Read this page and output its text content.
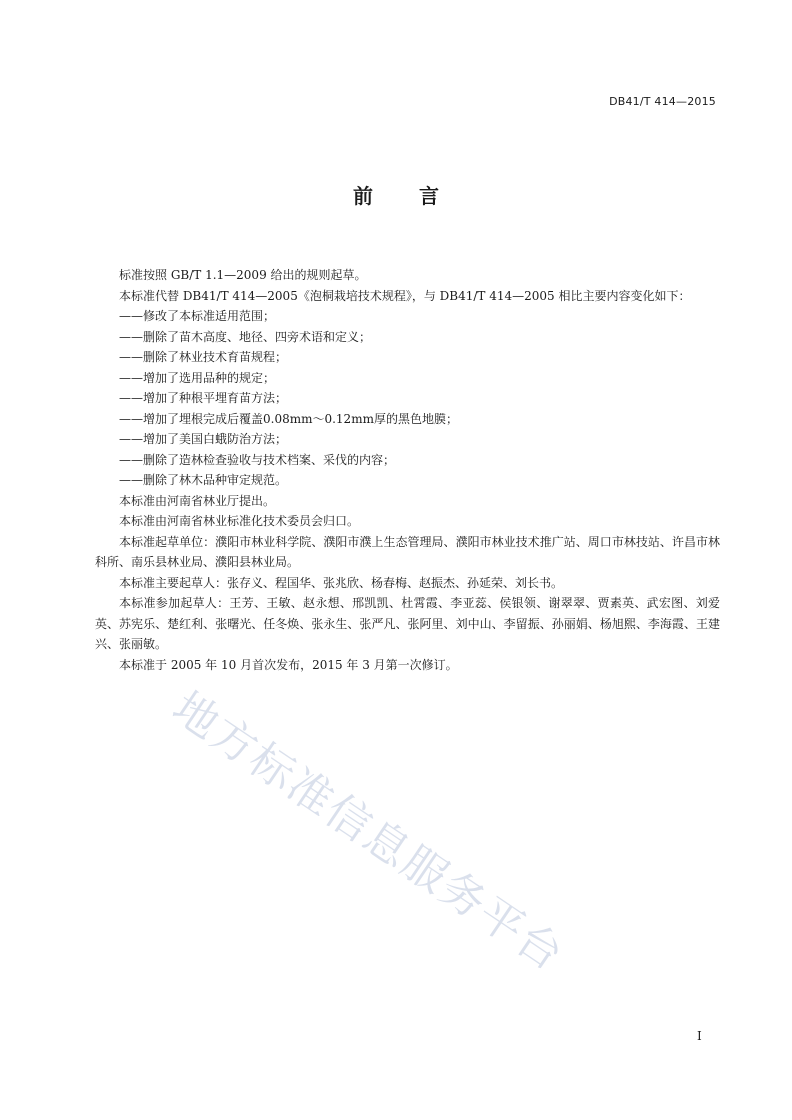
DB41/T 414—2015
前 言

标准按照 GB/T 1.1—2009 给出的规则起草。

本标准代替 DB41/T 414—2005《泡桐栽培技术规程》，与 DB41/T 414—2005 相比主要内容变化如下：

——修改了本标准适用范围；

——删除了苗木高度、地径、四旁术语和定义；

——删除了林业技术育苗规程；

——增加了选用品种的规定；

——增加了种根平埋育苗方法；

——增加了埋根完成后覆盖0.08mm～0.12mm厚的黑色地膜；

——增加了美国白蛾防治方法；

——删除了造林检查验收与技术档案、采伐的内容；

——删除了林木品种审定规范。

本标准由河南省林业厅提出。

本标准由河南省林业标准化技术委员会归口。

本标准起草单位：濮阳市林业科学院、濮阳市濮上生态管理局、濮阳市林业技术推广站、周口市林技站、许昌市林科所、南乐县林业局、濮阳县林业局。

本标准主要起草人：张存义、程国华、张兆欣、杨春梅、赵振杰、孙延荣、刘长书。

本标准参加起草人：王芳、王敏、赵永想、邢凯凯、杜霄霞、李亚蕊、侯银领、谢翠翠、贾素英、武宏图、刘爱英、苏宪乐、楚红利、张曙光、任冬焕、张永生、张严凡、张阿里、刘中山、李留振、孙丽娟、杨旭熙、李海霞、王建兴、张丽敏。

本标准于 2005 年 10 月首次发布，2015 年 3 月第一次修订。

地方标准信息服务平台
I
